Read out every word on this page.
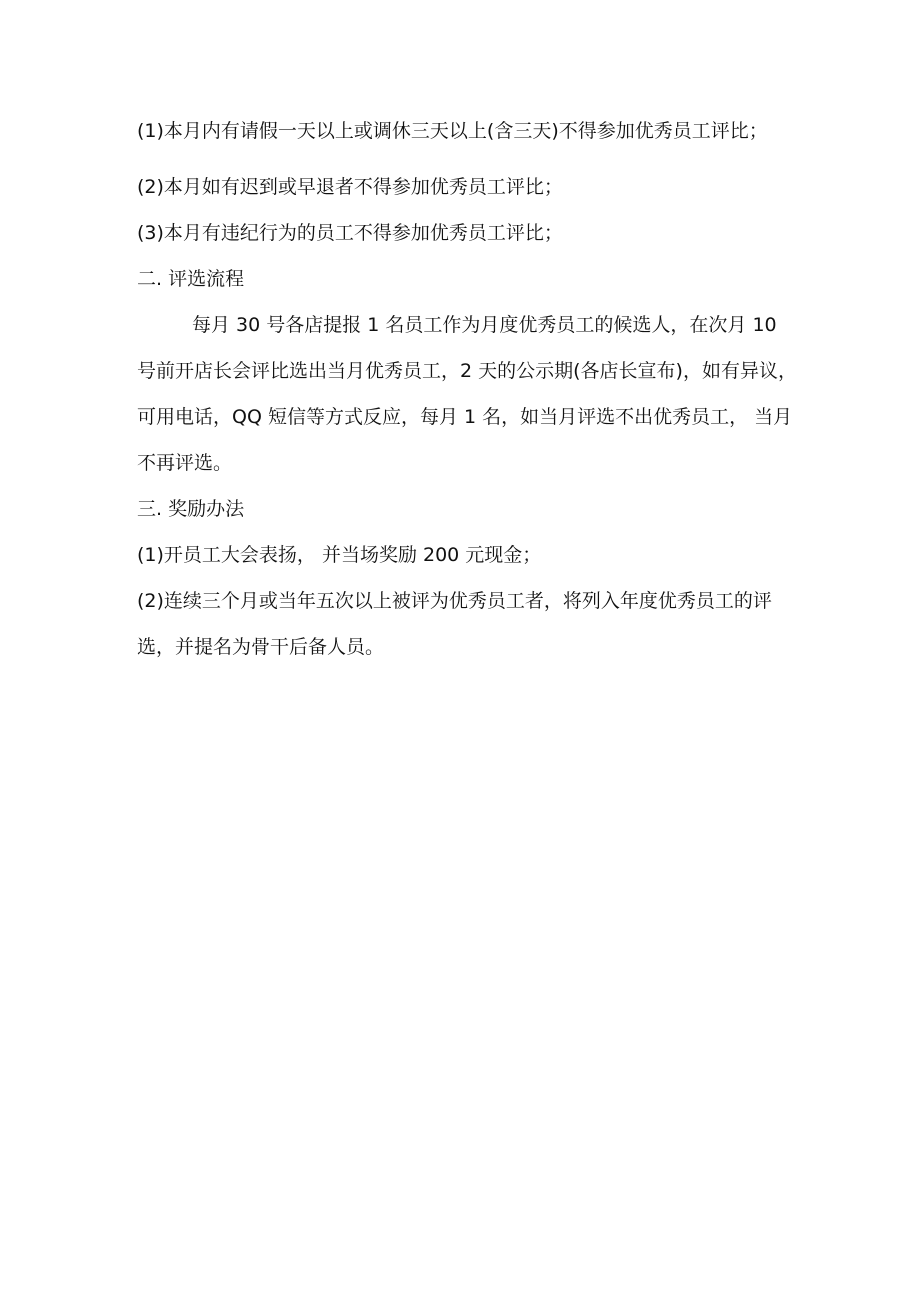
(1)本月内有请假一天以上或调休三天以上(含三天)不得参加优秀员工评比；

(2)本月如有迟到或早退者不得参加优秀员工评比；

(3)本月有违纪行为的员工不得参加优秀员工评比；

二. 评选流程

每月 30 号各店提报 1 名员工作为月度优秀员工的候选人，在次月 10 号前开店长会评比选出当月优秀员工，2 天的公示期(各店长宣布)，如有异议，可用电话，QQ 短信等方式反应，每月 1 名，如当月评选不出优秀员工， 当月不再评选。

三. 奖励办法

(1)开员工大会表扬， 并当场奖励 200 元现金；

(2)连续三个月或当年五次以上被评为优秀员工者，将列入年度优秀员工的评选，并提名为骨干后备人员。
